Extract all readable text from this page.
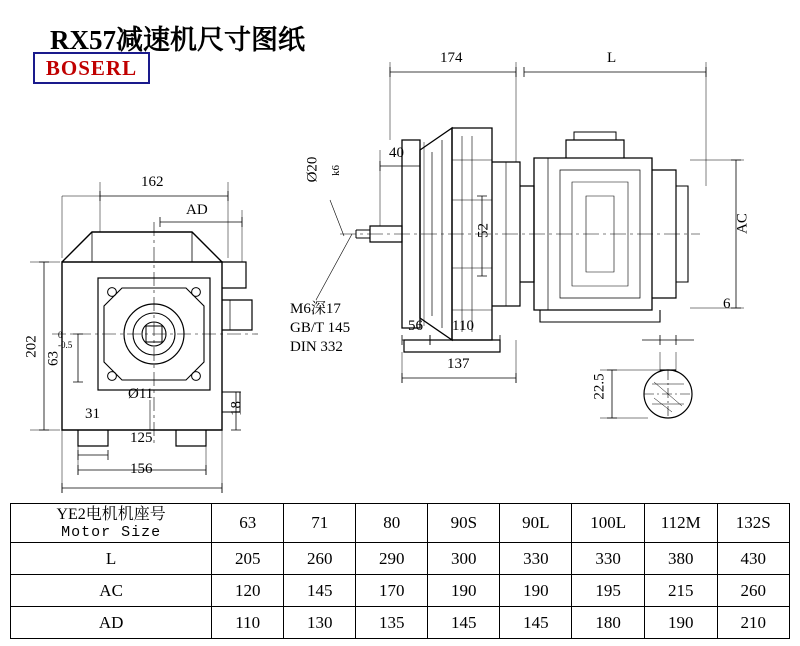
RX57减速机尺寸图纸
BOSERL
162
AD
202
63
0
-0.5
31
125
156
Ø11
18
174	L
40
Ø20 k6
52	AC
56 110
137
M6深17
GB/T 145
DIN 332
6
22.5
YE2电机机座号
Motor Size	63	71	80	90S	90L	100L	112M	132S
L	205	260	290	300	330	330	380	430
AC	120	145	170	190	190	195	215	260
AD	110	130	135	145	145	180	190	210
